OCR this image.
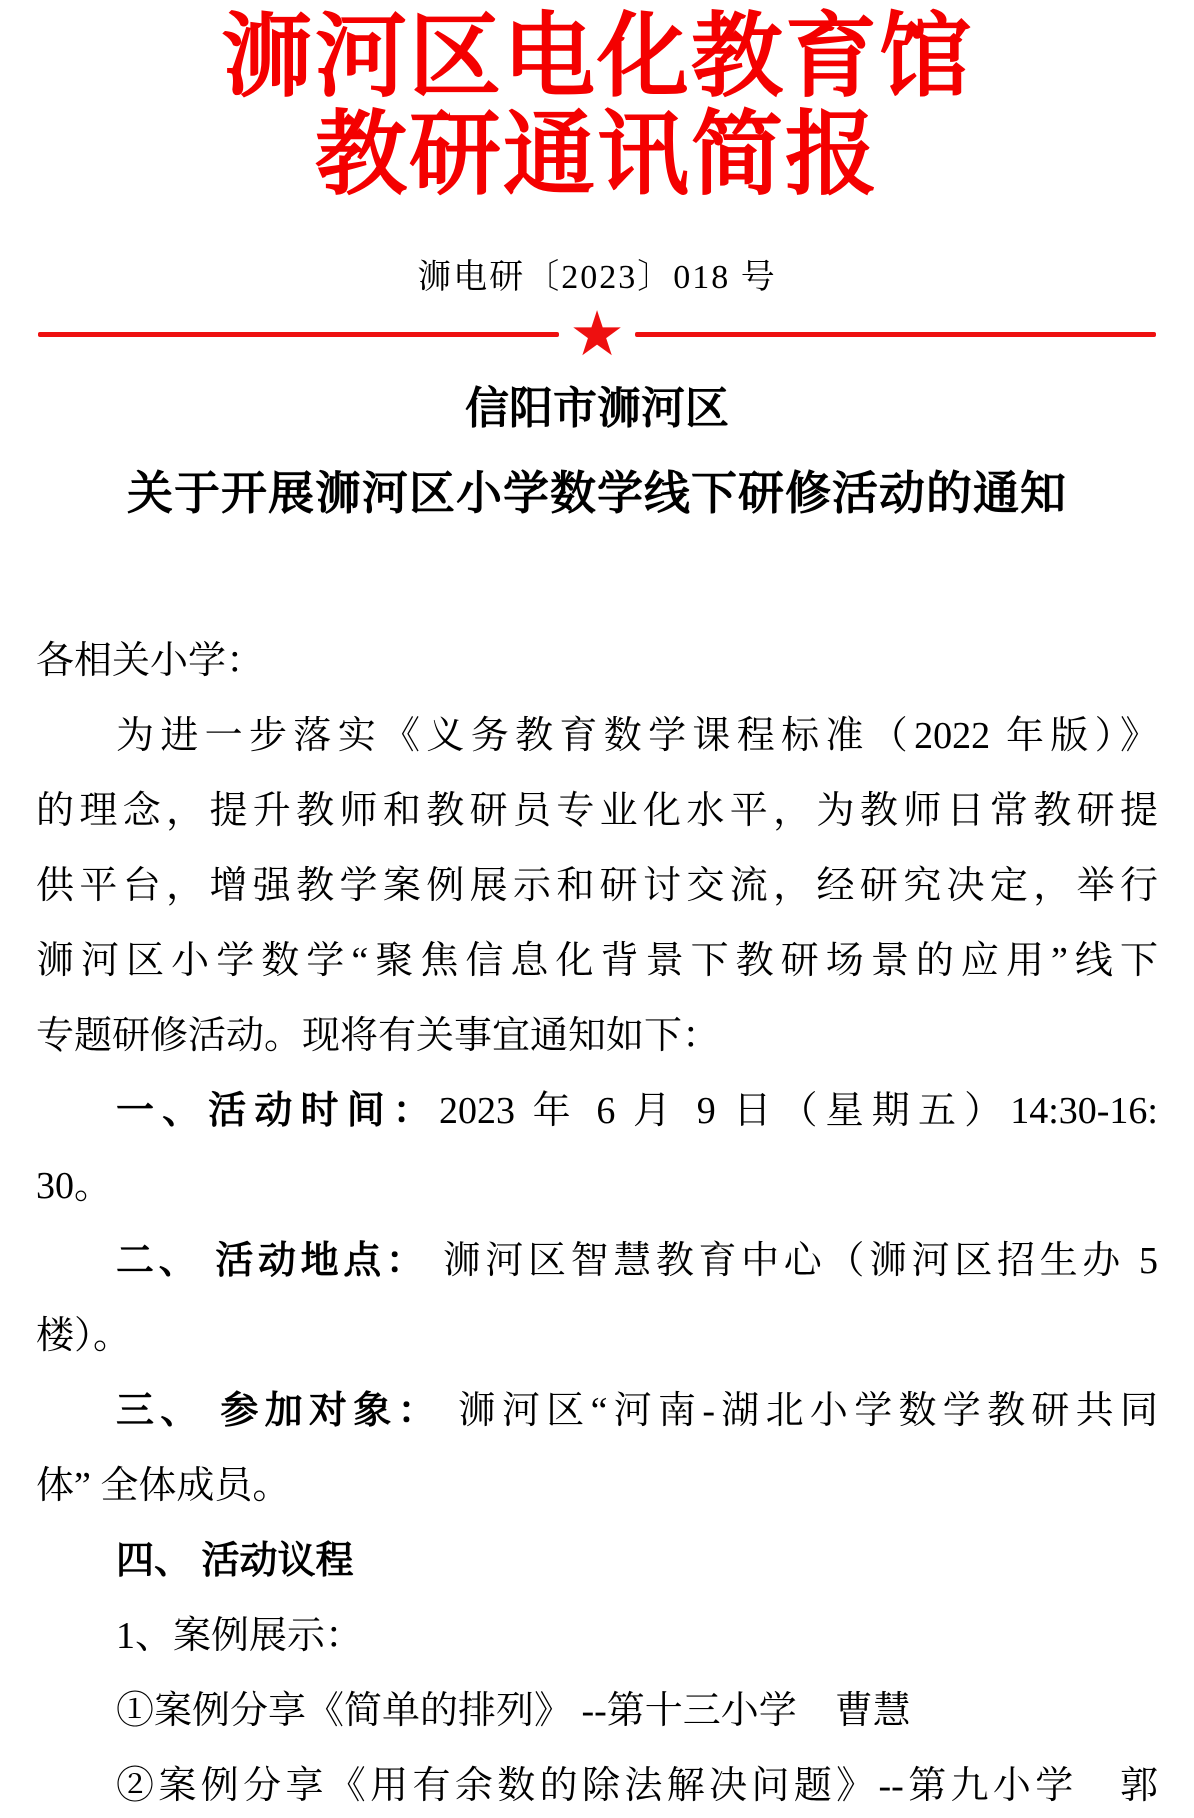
浉河区电化教育馆
教研通讯简报
浉电研〔2023〕018 号
★
信阳市浉河区
关于开展浉河区小学数学线下研修活动的通知
各相关小学：
为进一步落实《义务教育数学课程标准（2022 年版）》
的理念，提升教师和教研员专业化水平，为教师日常教研提
供平台，增强教学案例展示和研讨交流，经研究决定，举行
浉河区小学数学“聚焦信息化背景下教研场景的应用”线下
专题研修活动。现将有关事宜通知如下：
一、活动时间：2023 年 6 月 9 日（星期五）14:30-16:
30。
二、 活动地点： 浉河区智慧教育中心（浉河区招生办 5
楼）。
三、 参加对象： 浉河区“河南-湖北小学数学教研共同
体” 全体成员。
四、 活动议程
1、案例展示：
①案例分享《简单的排列》 --第十三小学　曹慧
②案例分享《用有余数的除法解决问题》--第九小学　郭
